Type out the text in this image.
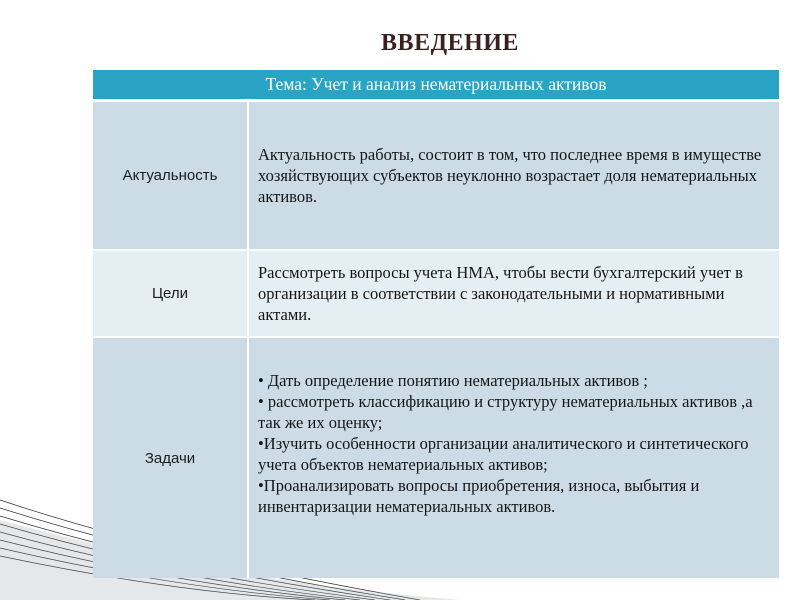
ВВЕДЕНИЕ
Тема: Учет и анализ нематериальных активов
Актуальность
Актуальность работы, состоит в том, что последнее время в имуществе хозяйствующих субъектов неуклонно возрастает доля нематериальных активов.
Цели
Рассмотреть вопросы учета НМА, чтобы вести бухгалтерский учет в организации в соответствии с законодательными и нормативными актами.
Задачи

• Дать определение понятию нематериальных активов ;

• рассмотреть классификацию и структуру нематериальных активов ,а так же их оценку;

•Изучить особенности организации аналитического и синтетического учета объектов нематериальных активов;

•Проанализировать вопросы приобретения, износа, выбытия и инвентаризации нематериальных активов.
